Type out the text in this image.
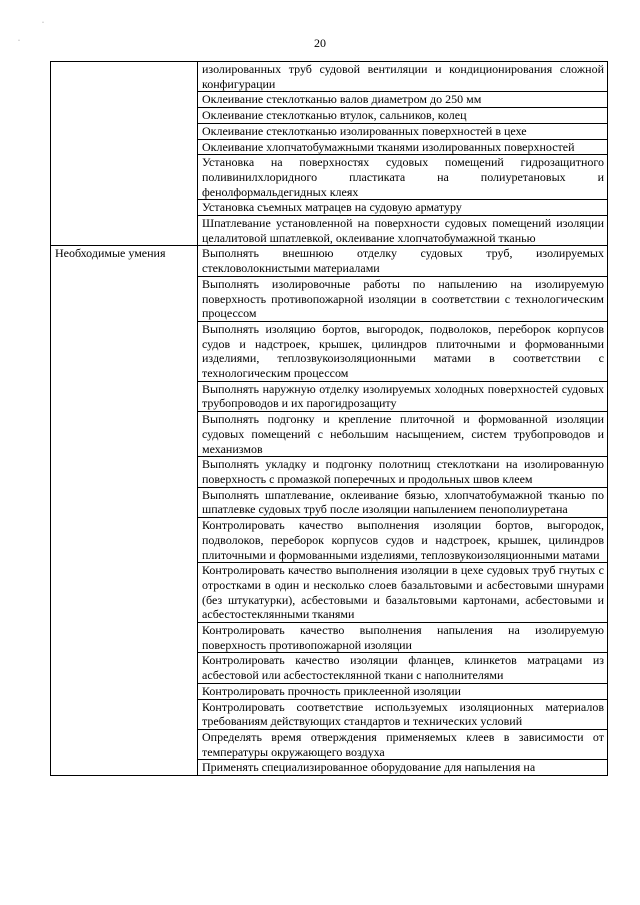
20
·
·
	изолированных труб судовой вентиляции и кондиционирования сложной конфигурации
	Оклеивание стеклотканью валов диаметром до 250 мм
	Оклеивание стеклотканью втулок, сальников, колец
	Оклеивание стеклотканью изолированных поверхностей в цехе
	Оклеивание хлопчатобумажными тканями изолированных поверхностей
	Установка на поверхностях судовых помещений гидрозащитного поливинилхлоридного пластиката на полиуретановых и фенолформальдегидных клеях
	Установка съемных матрацев на судовую арматуру
	Шпатлевание установленной на поверхности судовых помещений изоляции целалитовой шпатлевкой, оклеивание хлопчатобумажной тканью
Необходимые умения	Выполнять внешнюю отделку судовых труб, изолируемых стекловолокнистыми материалами
	Выполнять изолировочные работы по напылению на изолируемую поверхность противопожарной изоляции в соответствии с технологическим процессом
	Выполнять изоляцию бортов, выгородок, подволоков, переборок корпусов судов и надстроек, крышек, цилиндров плиточными и формованными изделиями, теплозвукоизоляционными матами в соответствии с технологическим процессом
	Выполнять наружную отделку изолируемых холодных поверхностей судовых трубопроводов и их парогидрозащиту
	Выполнять подгонку и крепление плиточной и формованной изоляции судовых помещений с небольшим насыщением, систем трубопроводов и механизмов
	Выполнять укладку и подгонку полотнищ стеклоткани на изолированную поверхность с промазкой поперечных и продольных швов клеем
	Выполнять шпатлевание, оклеивание бязью, хлопчатобумажной тканью по шпатлевке судовых труб после изоляции напылением пенополиуретана
	Контролировать качество выполнения изоляции бортов, выгородок, подволоков, переборок корпусов судов и надстроек, крышек, цилиндров плиточными и формованными изделиями, теплозвукоизоляционными матами
	Контролировать качество выполнения изоляции в цехе судовых труб гнутых с отростками в один и несколько слоев базальтовыми и асбестовыми шнурами (без штукатурки), асбестовыми и базальтовыми картонами, асбестовыми и асбестостеклянными тканями
	Контролировать качество выполнения напыления на изолируемую поверхность противопожарной изоляции
	Контролировать качество изоляции фланцев, клинкетов матрацами из асбестовой или асбестостеклянной ткани с наполнителями
	Контролировать прочность приклеенной изоляции
	Контролировать соответствие используемых изоляционных материалов требованиям действующих стандартов и технических условий
	Определять время отверждения применяемых клеев в зависимости от температуры окружающего воздуха
	Применять специализированное оборудование для напыления на
